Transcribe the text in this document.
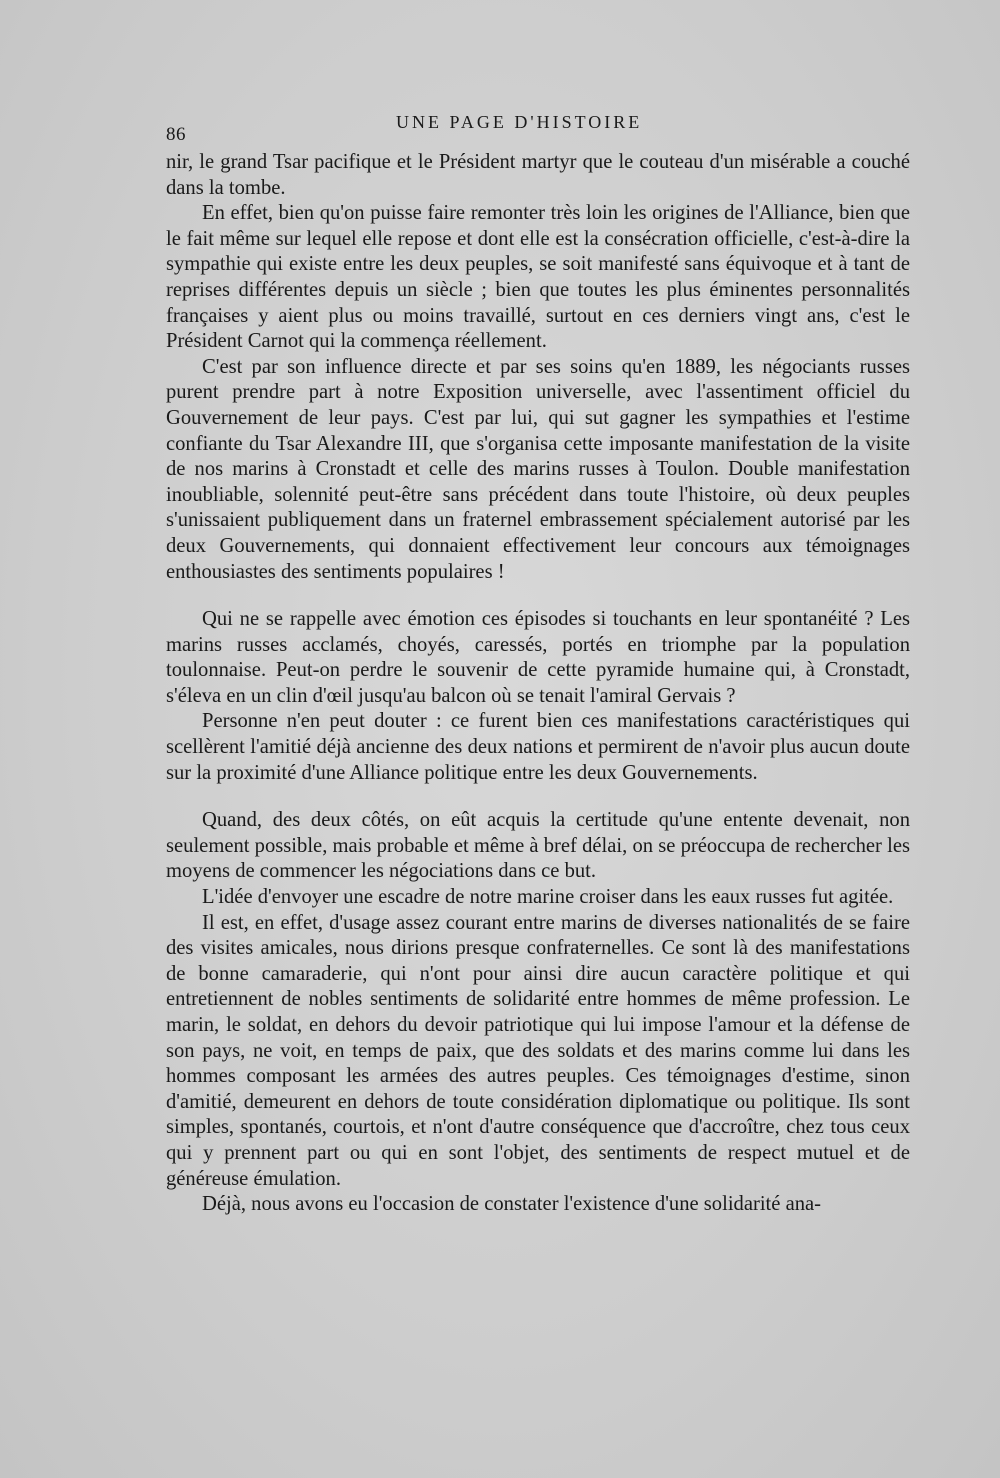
86
UNE PAGE D'HISTOIRE

nir, le grand Tsar pacifique et le Président martyr que le couteau d'un misérable a couché dans la tombe.

En effet, bien qu'on puisse faire remonter très loin les origines de l'Alliance, bien que le fait même sur lequel elle repose et dont elle est la consécration officielle, c'est-à-dire la sympathie qui existe entre les deux peuples, se soit manifesté sans équivoque et à tant de reprises différentes depuis un siècle ; bien que toutes les plus éminentes personnalités françaises y aient plus ou moins travaillé, surtout en ces derniers vingt ans, c'est le Président Carnot qui la commença réellement.

C'est par son influence directe et par ses soins qu'en 1889, les négociants russes purent prendre part à notre Exposition universelle, avec l'assentiment officiel du Gouvernement de leur pays. C'est par lui, qui sut gagner les sympathies et l'estime confiante du Tsar Alexandre III, que s'organisa cette imposante manifestation de la visite de nos marins à Cronstadt et celle des marins russes à Toulon. Double manifestation inoubliable, solennité peut-être sans précédent dans toute l'histoire, où deux peuples s'unissaient publiquement dans un fraternel embrassement spécialement autorisé par les deux Gouvernements, qui donnaient effectivement leur concours aux témoignages enthousiastes des sentiments populaires !

Qui ne se rappelle avec émotion ces épisodes si touchants en leur spontanéité ? Les marins russes acclamés, choyés, caressés, portés en triomphe par la population toulonnaise. Peut-on perdre le souvenir de cette pyramide humaine qui, à Cronstadt, s'éleva en un clin d'œil jusqu'au balcon où se tenait l'amiral Gervais ?

Personne n'en peut douter : ce furent bien ces manifestations caractéristiques qui scellèrent l'amitié déjà ancienne des deux nations et permirent de n'avoir plus aucun doute sur la proximité d'une Alliance politique entre les deux Gouvernements.

Quand, des deux côtés, on eût acquis la certitude qu'une entente devenait, non seulement possible, mais probable et même à bref délai, on se préoccupa de rechercher les moyens de commencer les négociations dans ce but.

L'idée d'envoyer une escadre de notre marine croiser dans les eaux russes fut agitée.

Il est, en effet, d'usage assez courant entre marins de diverses nationalités de se faire des visites amicales, nous dirions presque confraternelles. Ce sont là des manifestations de bonne camaraderie, qui n'ont pour ainsi dire aucun caractère politique et qui entretiennent de nobles sentiments de solidarité entre hommes de même profession. Le marin, le soldat, en dehors du devoir patriotique qui lui impose l'amour et la défense de son pays, ne voit, en temps de paix, que des soldats et des marins comme lui dans les hommes composant les armées des autres peuples. Ces témoignages d'estime, sinon d'amitié, demeurent en dehors de toute considération diplomatique ou politique. Ils sont simples, spontanés, courtois, et n'ont d'autre conséquence que d'accroître, chez tous ceux qui y prennent part ou qui en sont l'objet, des sentiments de respect mutuel et de généreuse émulation.

Déjà, nous avons eu l'occasion de constater l'existence d'une solidarité ana-
